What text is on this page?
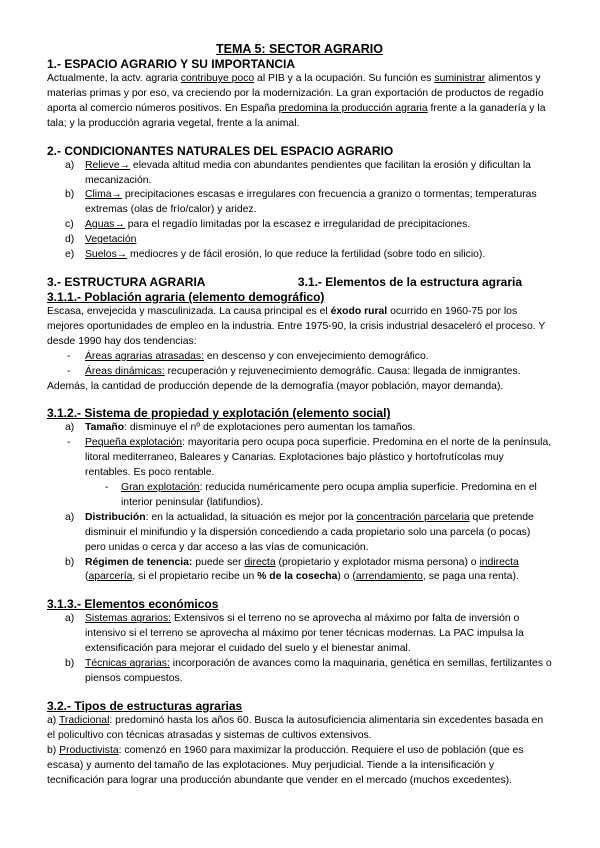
TEMA 5: SECTOR AGRARIO
1.- ESPACIO AGRARIO Y SU IMPORTANCIA

Actualmente, la actv. agraria contribuye poco al PIB y a la ocupación. Su función es suministrar alimentos y materias primas y por eso, va creciendo por la modernización. La gran exportación de productos de regadío aporta al comercio números positivos. En España predomina la producción agraria frente a la ganadería y la tala; y la producción agraria vegetal, frente a la animal.

2.- CONDICIONANTES NATURALES DEL ESPACIO AGRARIO
a) Relieve→ elevada altitud media con abundantes pendientes que facilitan la erosión y dificultan la mecanización.
b) Clima→ precipitaciones escasas e irregulares con frecuencia a granizo o tormentas; temperaturas extremas (olas de frío/calor) y aridez.
c) Aguas→ para el regadío limitadas por la escasez e irregularidad de precipitaciones.
d) Vegetación
e) Suelos→ mediocres y de fácil erosión, lo que reduce la fertilidad (sobre todo en silicio).
3.- ESTRUCTURA AGRARIA	3.1.- Elementos de la estructura agraria
3.1.1.- Población agraria (elemento demográfico)

Escasa, envejecida y masculinizada. La causa principal es el éxodo rural ocurrido en 1960-75 por los mejores oportunidades de empleo en la industria. Entre 1975-90, la crisis industrial desaceleró el proceso. Y desde 1990 hay dos tendencias:

- Áreas agrarias atrasadas: en descenso y con envejecimiento demográfico.
- Áreas dinámicas: recuperación y rejuvenecimiento demográfic. Causa: llegada de inmigrantes.

Además, la cantidad de producción depende de la demografía (mayor población, mayor demanda).

3.1.2.- Sistema de propiedad y explotación (elemento social)
a) Tamaño: disminuye el nº de explotaciones pero aumentan los tamaños.
- Pequeña explotación: mayoritaria pero ocupa poca superficie. Predomina en el norte de la península, litoral mediterraneo, Baleares y Canarias. Explotaciones bajo plástico y hortofrutícolas muy rentables. Es poco rentable.
- Gran explotación: reducida numéricamente pero ocupa amplia superficie. Predomina en el interior peninsular (latifundios).
a) Distribución: en la actualidad, la situación es mejor por la concentración parcelaria que pretende disminuir el minifundio y la dispersión concediendo a cada propietario solo una parcela (o pocas) pero unidas o cerca y dar acceso a las vías de comunicación.
b) Régimen de tenencia: puede ser directa (propietario y explotador misma persona) o indirecta (aparcería, si el propietario recibe un % de la cosecha) o (arrendamiento, se paga una renta).
3.1.3.- Elementos económicos
a) Sistemas agrarios: Extensivos si el terreno no se aprovecha al máximo por falta de inversión o intensivo si el terreno se aprovecha al máximo por tener técnicas modernas. La PAC impulsa la extensificación para mejorar el cuidado del suelo y el bienestar animal.
b) Técnicas agrarias: incorporación de avances como la maquinaria, genética en semillas, fertilizantes o piensos compuestos.
3.2.- Tipos de estructuras agrarias

a) Tradicional: predominó hasta los años 60. Busca la autosuficiencia alimentaria sin excedentes basada en el policultivo con técnicas atrasadas y sistemas de cultivos extensivos.

b) Productivista: comenzó en 1960 para maximizar la producción. Requiere el uso de población (que es escasa) y aumento del tamaño de las explotaciones. Muy perjudicial. Tiende a la intensificación y tecnificación para lograr una producción abundante que vender en el mercado (muchos excedentes).
